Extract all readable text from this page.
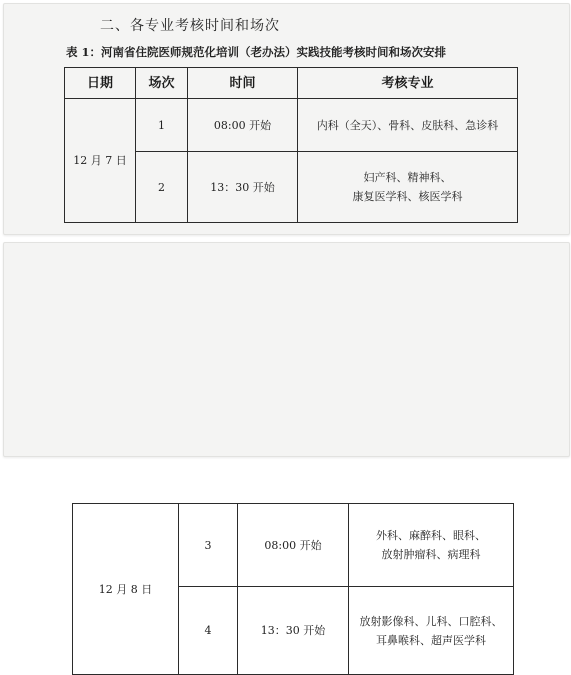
二、各专业考核时间和场次
表 1：河南省住院医师规范化培训（老办法）实践技能考核时间和场次安排
日期	场次	时间	考核专业
12 月 7 日	1	08:00 开始	内科（全天）、骨科、皮肤科、急诊科

	2	13：30 开始	妇产科、精神科、
康复医学科、核医学科
12 月 8 日	3	08:00 开始	外科、麻醉科、眼科、
放射肿瘤科、病理科

	4	13：30 开始	放射影像科、儿科、口腔科、
耳鼻喉科、超声医学科
